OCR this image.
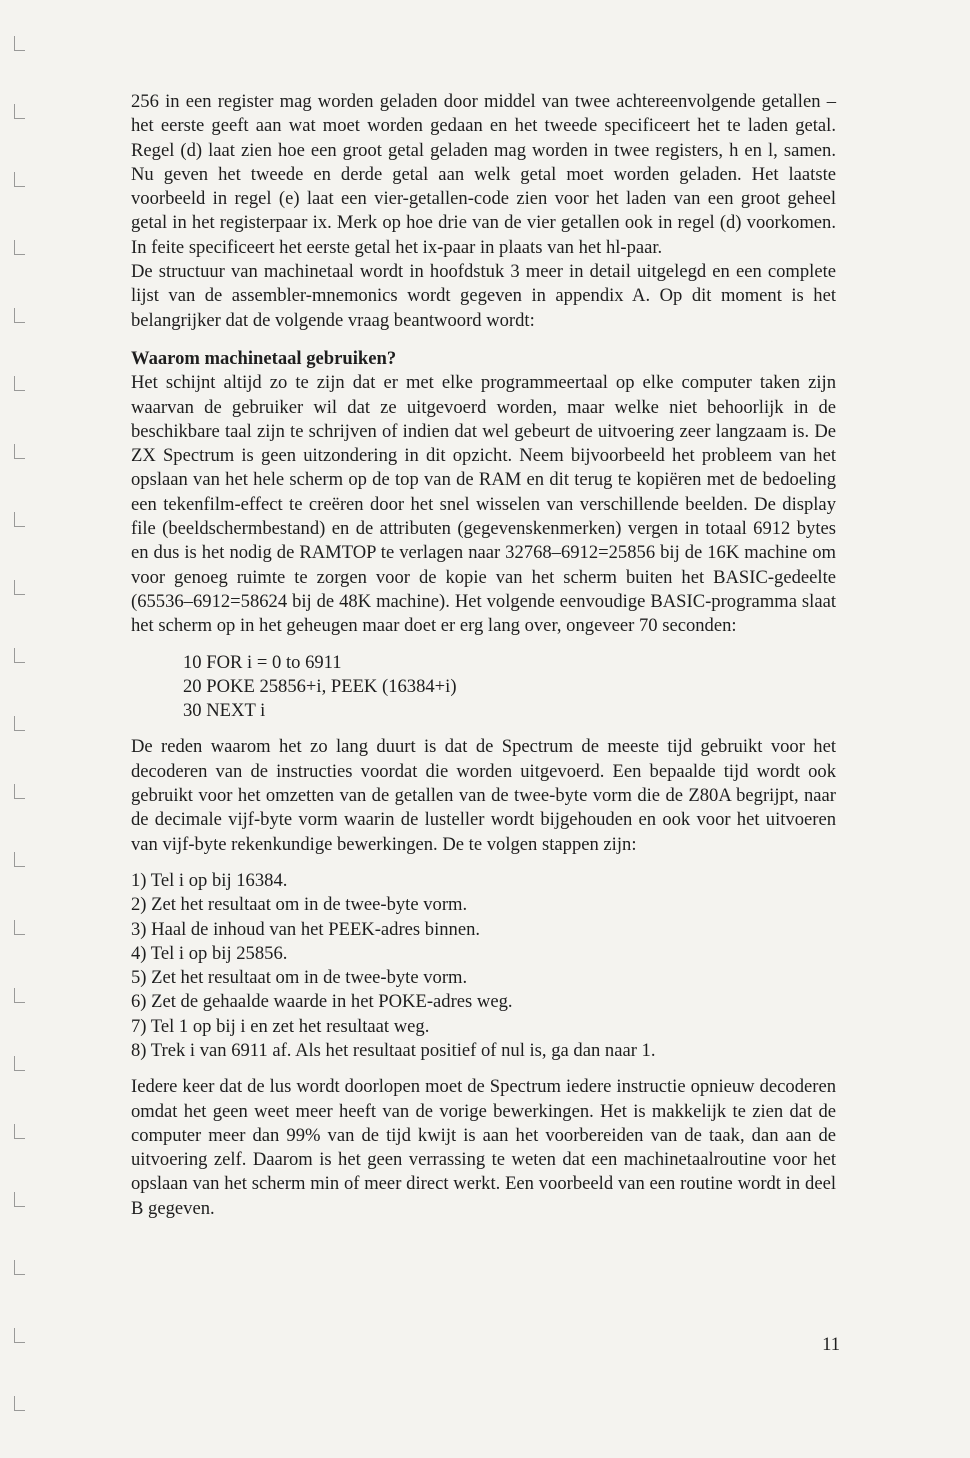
256 in een register mag worden geladen door middel van twee achtereenvolgende getallen – het eerste geeft aan wat moet worden gedaan en het tweede specificeert het te laden getal. Regel (d) laat zien hoe een groot getal geladen mag worden in twee registers, h en l, samen. Nu geven het tweede en derde getal aan welk getal moet worden geladen. Het laatste voorbeeld in regel (e) laat een vier-getallen-code zien voor het laden van een groot geheel getal in het registerpaar ix. Merk op hoe drie van de vier getallen ook in regel (d) voorkomen. In feite specificeert het eerste getal het ix-paar in plaats van het hl-paar.

De structuur van machinetaal wordt in hoofdstuk 3 meer in detail uitgelegd en een complete lijst van de assembler-mnemonics wordt gegeven in appendix A. Op dit moment is het belangrijker dat de volgende vraag beantwoord wordt:

Waarom machinetaal gebruiken?

Het schijnt altijd zo te zijn dat er met elke programmeertaal op elke computer taken zijn waarvan de gebruiker wil dat ze uitgevoerd worden, maar welke niet behoorlijk in de beschikbare taal zijn te schrijven of indien dat wel gebeurt de uitvoering zeer langzaam is. De ZX Spectrum is geen uitzondering in dit opzicht. Neem bijvoorbeeld het probleem van het opslaan van het hele scherm op de top van de RAM en dit terug te kopiëren met de bedoeling een tekenfilm-effect te creëren door het snel wisselen van verschillende beelden. De display file (beeldschermbestand) en de attributen (gegevenskenmerken) vergen in totaal 6912 bytes en dus is het nodig de RAMTOP te verlagen naar 32768–6912=25856 bij de 16K machine om voor genoeg ruimte te zorgen voor de kopie van het scherm buiten het BASIC-gedeelte (65536–6912=58624 bij de 48K machine). Het volgende eenvoudige BASIC-programma slaat het scherm op in het geheugen maar doet er erg lang over, ongeveer 70 seconden:

10 FOR i = 0 to 6911
20 POKE 25856+i, PEEK (16384+i)
30 NEXT i

De reden waarom het zo lang duurt is dat de Spectrum de meeste tijd gebruikt voor het decoderen van de instructies voordat die worden uitgevoerd. Een bepaalde tijd wordt ook gebruikt voor het omzetten van de getallen van de twee-byte vorm die de Z80A begrijpt, naar de decimale vijf-byte vorm waarin de lusteller wordt bijgehouden en ook voor het uitvoeren van vijf-byte rekenkundige bewerkingen. De te volgen stappen zijn:

1) Tel i op bij 16384.
2) Zet het resultaat om in de twee-byte vorm.
3) Haal de inhoud van het PEEK-adres binnen.
4) Tel i op bij 25856.
5) Zet het resultaat om in de twee-byte vorm.
6) Zet de gehaalde waarde in het POKE-adres weg.
7) Tel 1 op bij i en zet het resultaat weg.
8) Trek i van 6911 af. Als het resultaat positief of nul is, ga dan naar 1.

Iedere keer dat de lus wordt doorlopen moet de Spectrum iedere instructie opnieuw decoderen omdat het geen weet meer heeft van de vorige bewerkingen. Het is makkelijk te zien dat de computer meer dan 99% van de tijd kwijt is aan het voorbereiden van de taak, dan aan de uitvoering zelf. Daarom is het geen verrassing te weten dat een machinetaalroutine voor het opslaan van het scherm min of meer direct werkt. Een voorbeeld van een routine wordt in deel B gegeven.

11
